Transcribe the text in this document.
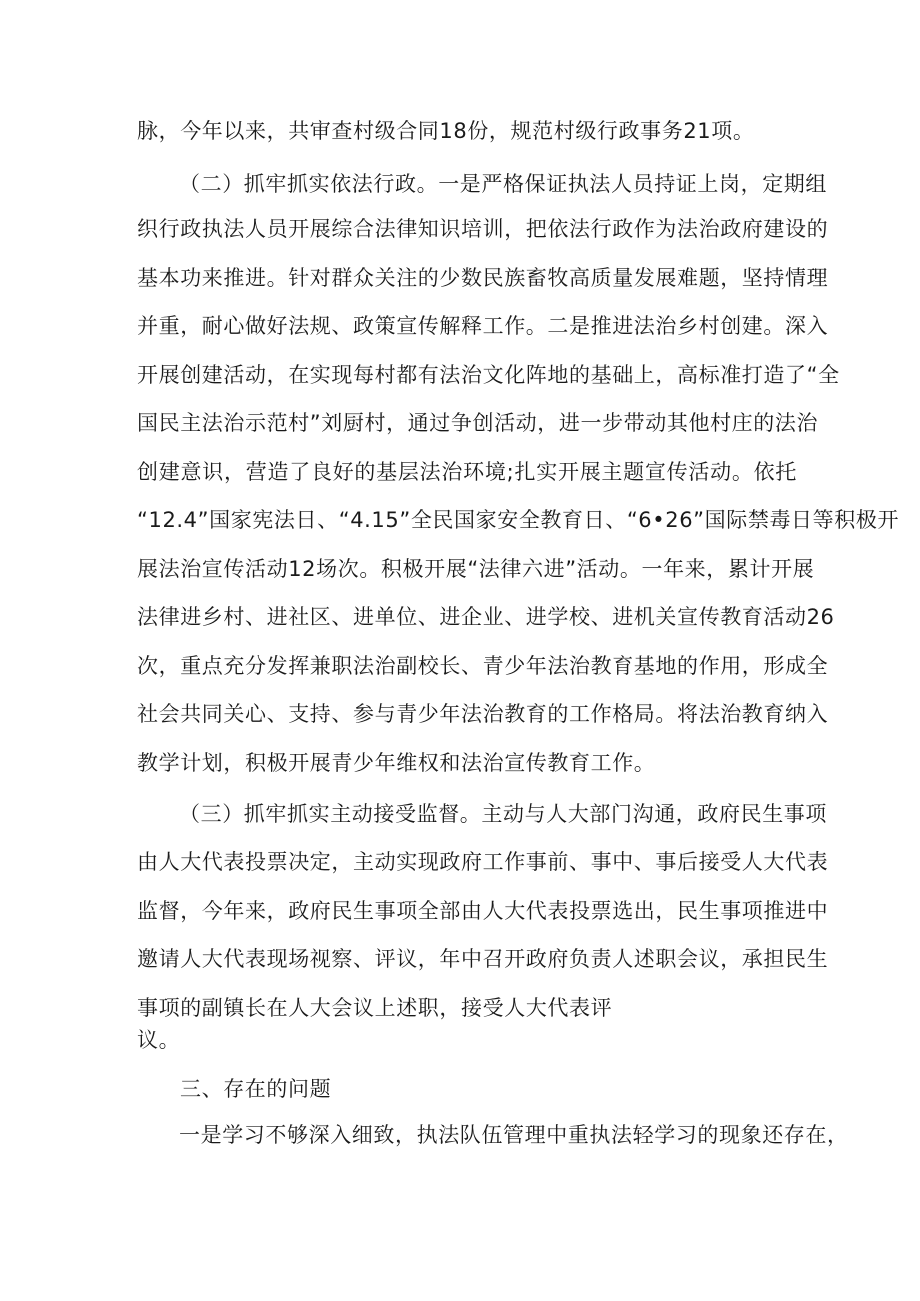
脉，今年以来，共审查村级合同18份，规范村级行政事务21项。
（二）抓牢抓实依法行政。一是严格保证执法人员持证上岗，定期组
织行政执法人员开展综合法律知识培训，把依法行政作为法治政府建设的
基本功来推进。针对群众关注的少数民族畜牧高质量发展难题，坚持情理
并重，耐心做好法规、政策宣传解释工作。二是推进法治乡村创建。深入
开展创建活动，在实现每村都有法治文化阵地的基础上，高标准打造了“全
国民主法治示范村”刘厨村，通过争创活动，进一步带动其他村庄的法治
创建意识，营造了良好的基层法治环境;扎实开展主题宣传活动。依托
“12.4”国家宪法日、“4.15”全民国家安全教育日、“6•26”国际禁毒日等积极开
展法治宣传活动12场次。积极开展“法律六进”活动。一年来，累计开展
法律进乡村、进社区、进单位、进企业、进学校、进机关宣传教育活动26
次，重点充分发挥兼职法治副校长、青少年法治教育基地的作用，形成全
社会共同关心、支持、参与青少年法治教育的工作格局。将法治教育纳入
教学计划，积极开展青少年维权和法治宣传教育工作。
（三）抓牢抓实主动接受监督。主动与人大部门沟通，政府民生事项
由人大代表投票决定，主动实现政府工作事前、事中、事后接受人大代表
监督，今年来，政府民生事项全部由人大代表投票选出，民生事项推进中
邀请人大代表现场视察、评议，年中召开政府负责人述职会议，承担民生
事项的副镇长在人大会议上述职，接受人大代表评
议。
三、存在的问题
一是学习不够深入细致，执法队伍管理中重执法轻学习的现象还存在，
